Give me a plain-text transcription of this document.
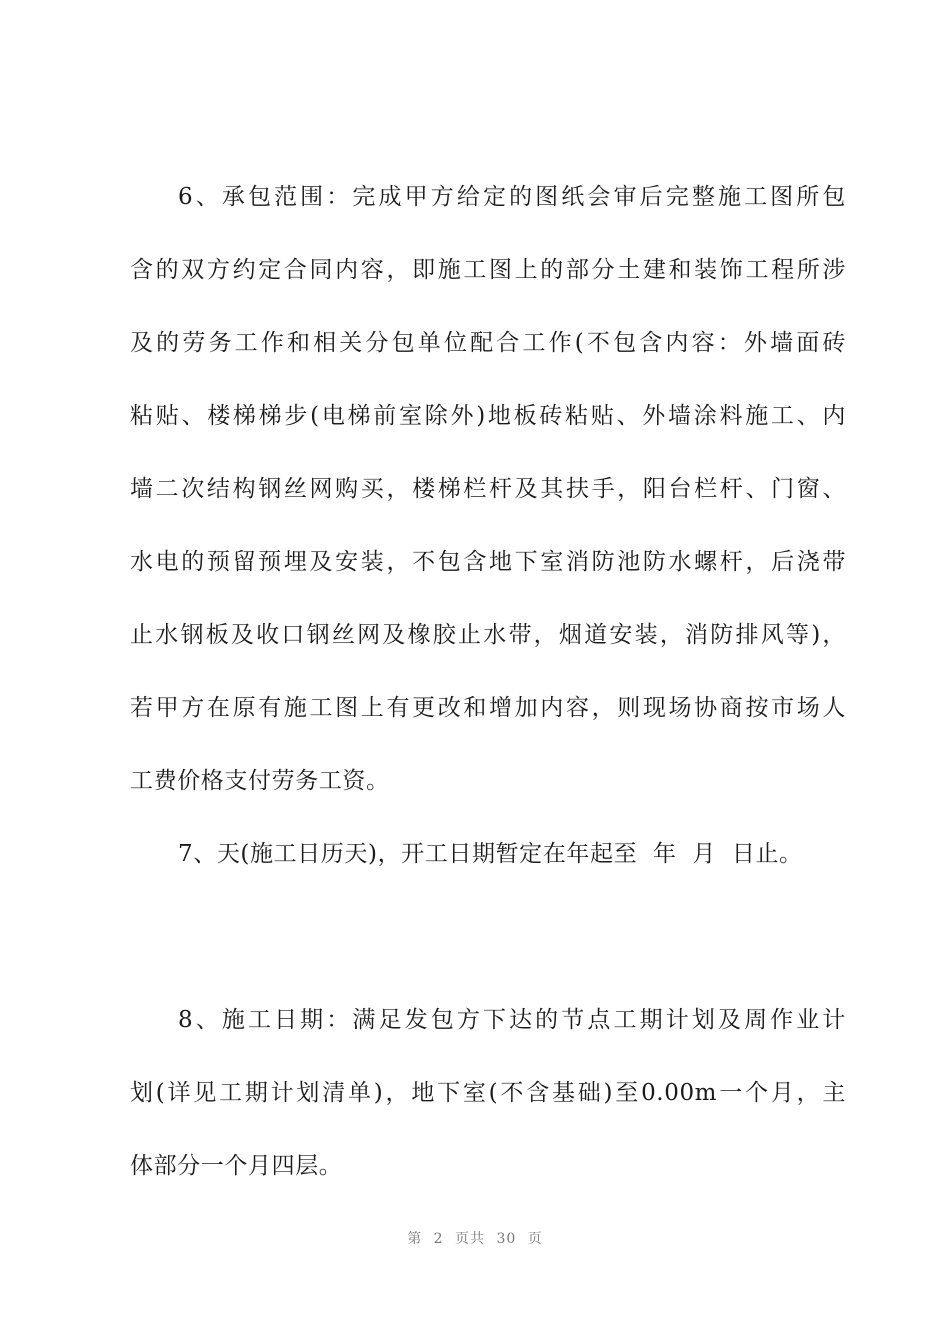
6、承包范围：完成甲方给定的图纸会审后完整施工图所包
含的双方约定合同内容，即施工图上的部分土建和装饰工程所涉
及的劳务工作和相关分包单位配合工作(不包含内容：外墙面砖
粘贴、楼梯梯步(电梯前室除外)地板砖粘贴、外墙涂料施工、内
墙二次结构钢丝网购买，楼梯栏杆及其扶手，阳台栏杆、门窗、
水电的预留预埋及安装，不包含地下室消防池防水螺杆，后浇带
止水钢板及收口钢丝网及橡胶止水带，烟道安装，消防排风等)，
若甲方在原有施工图上有更改和增加内容，则现场协商按市场人
工费价格支付劳务工资。
7、天(施工日历天)，开工日期暂定在年起至  年  月  日止。
8、施工日期：满足发包方下达的节点工期计划及周作业计
划(详见工期计划清单)，地下室(不含基础)至0.00m一个月，主
体部分一个月四层。
第 2 页共 30 页
